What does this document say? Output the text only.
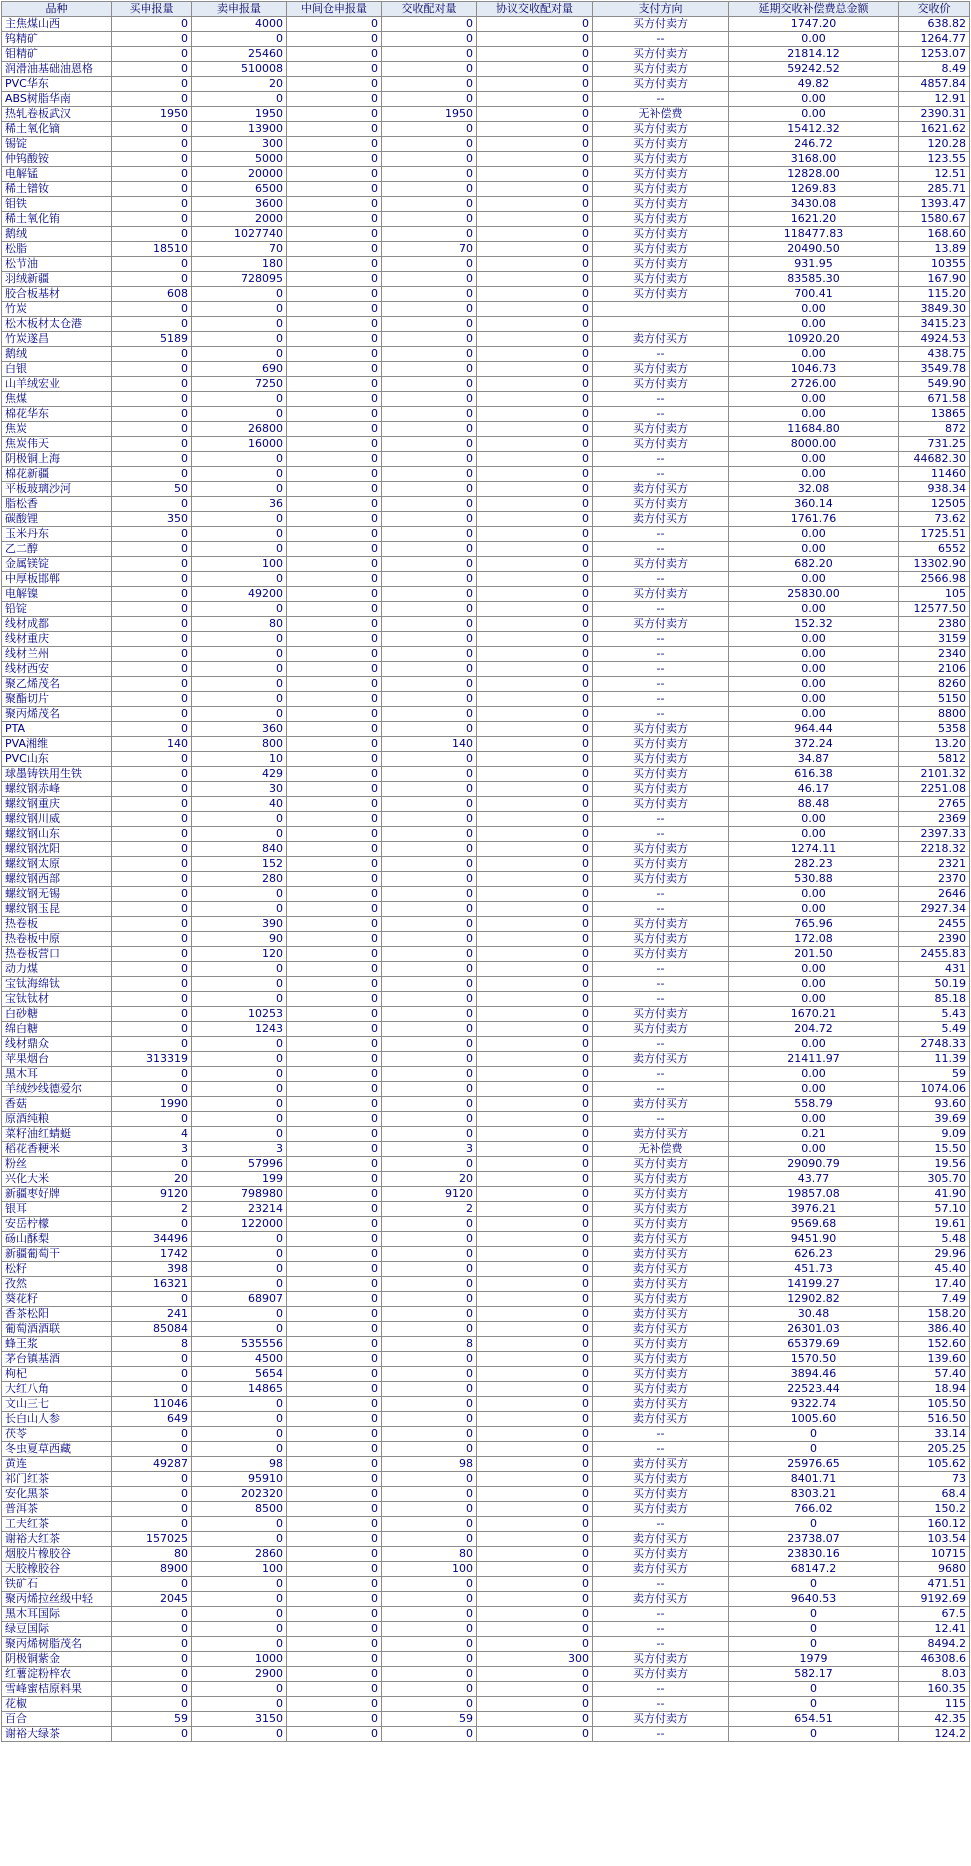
品种	买申报量	卖申报量	中间仓申报量	交收配对量	协议交收配对量	支付方向	延期交收补偿费总金额	交收价
主焦煤山西	0	4000	0	0	0	买方付卖方	1747.20	638.82
钨精矿	0	0	0	0	0	--	0.00	1264.77
钼精矿	0	25460	0	0	0	买方付卖方	21814.12	1253.07
润滑油基础油恩格	0	510008	0	0	0	买方付卖方	59242.52	8.49
PVC华东	0	20	0	0	0	买方付卖方	49.82	4857.84
ABS树脂华南	0	0	0	0	0	--	0.00	12.91
热轧卷板武汉	1950	1950	0	1950	0	无补偿费	0.00	2390.31
稀土氧化镝	0	13900	0	0	0	买方付卖方	15412.32	1621.62
锡锭	0	300	0	0	0	买方付卖方	246.72	120.28
仲钨酸铵	0	5000	0	0	0	买方付卖方	3168.00	123.55
电解锰	0	20000	0	0	0	买方付卖方	12828.00	12.51
稀土镨钕	0	6500	0	0	0	买方付卖方	1269.83	285.71
钼铁	0	3600	0	0	0	买方付卖方	3430.08	1393.47
稀土氧化铕	0	2000	0	0	0	买方付卖方	1621.20	1580.67
鹅绒	0	1027740	0	0	0	买方付卖方	118477.83	168.60
松脂	18510	70	0	70	0	买方付卖方	20490.50	13.89
松节油	0	180	0	0	0	买方付卖方	931.95	10355
羽绒新疆	0	728095	0	0	0	买方付卖方	83585.30	167.90
胶合板基材	608	0	0	0	0	买方付卖方	700.41	115.20
竹炭	0	0	0	0	0		0.00	3849.30
松木板材太仓港	0	0	0	0	0		0.00	3415.23
竹炭遂昌	5189	0	0	0	0	卖方付买方	10920.20	4924.53
鹅绒	0	0	0	0	0	--	0.00	438.75
白银	0	690	0	0	0	买方付卖方	1046.73	3549.78
山羊绒宏业	0	7250	0	0	0	买方付卖方	2726.00	549.90
焦煤	0	0	0	0	0	--	0.00	671.58
棉花华东	0	0	0	0	0	--	0.00	13865
焦炭	0	26800	0	0	0	买方付卖方	11684.80	872
焦炭伟天	0	16000	0	0	0	买方付卖方	8000.00	731.25
阴极铜上海	0	0	0	0	0	--	0.00	44682.30
棉花新疆	0	0	0	0	0	--	0.00	11460
平板玻璃沙河	50	0	0	0	0	卖方付买方	32.08	938.34
脂松香	0	36	0	0	0	买方付卖方	360.14	12505
碳酸锂	350	0	0	0	0	卖方付买方	1761.76	73.62
玉米丹东	0	0	0	0	0	--	0.00	1725.51
乙二醇	0	0	0	0	0	--	0.00	6552
金属镁锭	0	100	0	0	0	买方付卖方	682.20	13302.90
中厚板邯郸	0	0	0	0	0	--	0.00	2566.98
电解镍	0	49200	0	0	0	买方付卖方	25830.00	105
铅锭	0	0	0	0	0	--	0.00	12577.50
线材成都	0	80	0	0	0	买方付卖方	152.32	2380
线材重庆	0	0	0	0	0	--	0.00	3159
线材兰州	0	0	0	0	0	--	0.00	2340
线材西安	0	0	0	0	0	--	0.00	2106
聚乙烯茂名	0	0	0	0	0	--	0.00	8260
聚酯切片	0	0	0	0	0	--	0.00	5150
聚丙烯茂名	0	0	0	0	0	--	0.00	8800
PTA	0	360	0	0	0	买方付卖方	964.44	5358
PVA湘维	140	800	0	140	0	买方付卖方	372.24	13.20
PVC山东	0	10	0	0	0	买方付卖方	34.87	5812
球墨铸铁用生铁	0	429	0	0	0	买方付卖方	616.38	2101.32
螺纹钢赤峰	0	30	0	0	0	买方付卖方	46.17	2251.08
螺纹钢重庆	0	40	0	0	0	买方付卖方	88.48	2765
螺纹钢川威	0	0	0	0	0	--	0.00	2369
螺纹钢山东	0	0	0	0	0	--	0.00	2397.33
螺纹钢沈阳	0	840	0	0	0	买方付卖方	1274.11	2218.32
螺纹钢太原	0	152	0	0	0	买方付卖方	282.23	2321
螺纹钢西部	0	280	0	0	0	买方付卖方	530.88	2370
螺纹钢无锡	0	0	0	0	0	--	0.00	2646
螺纹钢玉昆	0	0	0	0	0	--	0.00	2927.34
热卷板	0	390	0	0	0	买方付卖方	765.96	2455
热卷板中原	0	90	0	0	0	买方付卖方	172.08	2390
热卷板营口	0	120	0	0	0	买方付卖方	201.50	2455.83
动力煤	0	0	0	0	0	--	0.00	431
宝钛海绵钛	0	0	0	0	0	--	0.00	50.19
宝钛钛材	0	0	0	0	0	--	0.00	85.18
白砂糖	0	10253	0	0	0	买方付卖方	1670.21	5.43
绵白糖	0	1243	0	0	0	买方付卖方	204.72	5.49
线材鼎众	0	0	0	0	0	--	0.00	2748.33
苹果烟台	313319	0	0	0	0	卖方付买方	21411.97	11.39
黑木耳	0	0	0	0	0	--	0.00	59
羊绒纱线德爱尔	0	0	0	0	0	--	0.00	1074.06
香菇	1990	0	0	0	0	卖方付买方	558.79	93.60
原酒纯粮	0	0	0	0	0	--	0.00	39.69
菜籽油红蜻蜓	4	0	0	0	0	卖方付买方	0.21	9.09
稻花香粳米	3	3	0	3	0	无补偿费	0.00	15.50
粉丝	0	57996	0	0	0	买方付卖方	29090.79	19.56
兴化大米	20	199	0	20	0	买方付卖方	43.77	305.70
新疆枣好牌	9120	798980	0	9120	0	买方付卖方	19857.08	41.90
银耳	2	23214	0	2	0	买方付卖方	3976.21	57.10
安岳柠檬	0	122000	0	0	0	买方付卖方	9569.68	19.61
砀山酥梨	34496	0	0	0	0	卖方付买方	9451.90	5.48
新疆葡萄干	1742	0	0	0	0	卖方付买方	626.23	29.96
松籽	398	0	0	0	0	卖方付买方	451.73	45.40
孜然	16321	0	0	0	0	卖方付买方	14199.27	17.40
葵花籽	0	68907	0	0	0	买方付卖方	12902.82	7.49
香茶松阳	241	0	0	0	0	卖方付买方	30.48	158.20
葡萄酒酒联	85084	0	0	0	0	卖方付买方	26301.03	386.40
蜂王浆	8	535556	0	8	0	买方付卖方	65379.69	152.60
茅台镇基酒	0	4500	0	0	0	买方付卖方	1570.50	139.60
枸杞	0	5654	0	0	0	买方付卖方	3894.46	57.40
大红八角	0	14865	0	0	0	买方付卖方	22523.44	18.94
文山三七	11046	0	0	0	0	卖方付买方	9322.74	105.50
长白山人参	649	0	0	0	0	卖方付买方	1005.60	516.50
茯苓	0	0	0	0	0	--	0	33.14
冬虫夏草西藏	0	0	0	0	0	--	0	205.25
黄连	49287	98	0	98	0	卖方付买方	25976.65	105.62
祁门红茶	0	95910	0	0	0	买方付卖方	8401.71	73
安化黑茶	0	202320	0	0	0	买方付卖方	8303.21	68.4
普洱茶	0	8500	0	0	0	买方付卖方	766.02	150.2
工夫红茶	0	0	0	0	0	--	0	160.12
谢裕大红茶	157025	0	0	0	0	卖方付买方	23738.07	103.54
烟胶片橡胶谷	80	2860	0	80	0	买方付卖方	23830.16	10715
天胶橡胶谷	8900	100	0	100	0	卖方付买方	68147.2	9680
铁矿石	0	0	0	0	0	--	0	471.51
聚丙烯拉丝级中轻	2045	0	0	0	0	卖方付买方	9640.53	9192.69
黑木耳国际	0	0	0	0	0	--	0	67.5
绿豆国际	0	0	0	0	0	--	0	12.41
聚丙烯树脂茂名	0	0	0	0	0	--	0	8494.2
阴极铜紫金	0	1000	0	0	300	买方付卖方	1979	46308.6
红薯淀粉梓农	0	2900	0	0	0	买方付卖方	582.17	8.03
雪峰蜜桔原料果	0	0	0	0	0	--	0	160.35
花椒	0	0	0	0	0	--	0	115
百合	59	3150	0	59	0	买方付卖方	654.51	42.35
谢裕大绿茶	0	0	0	0	0	--	0	124.2
